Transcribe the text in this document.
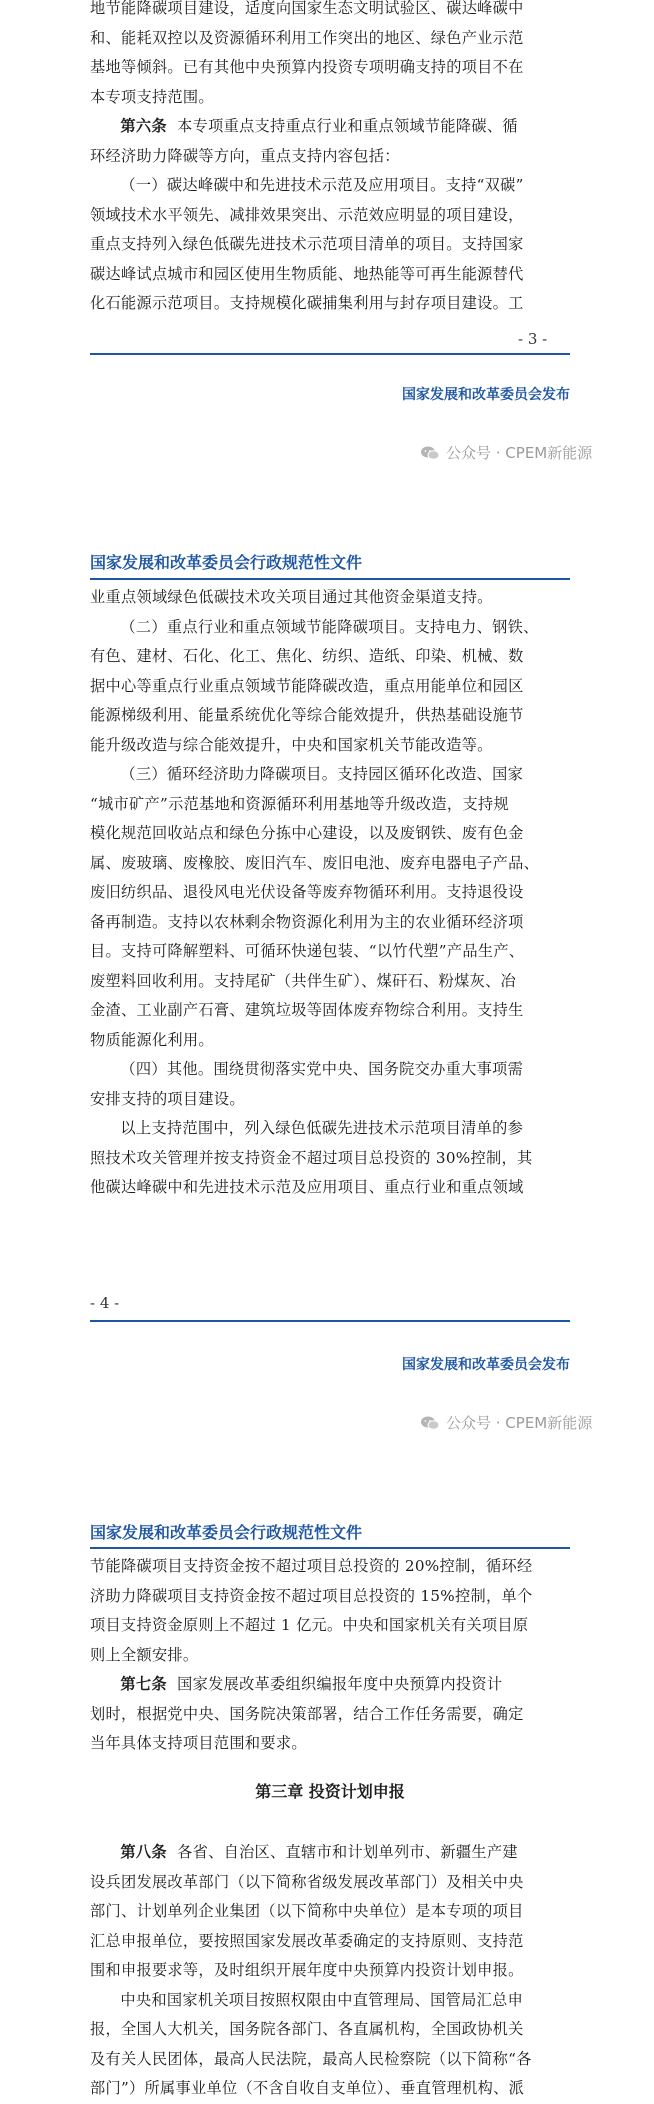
地节能降碳项目建设，适度向国家生态文明试验区、碳达峰碳中

和、能耗双控以及资源循环利用工作突出的地区、绿色产业示范

基地等倾斜。已有其他中央预算内投资专项明确支持的项目不在

本专项支持范围。

第六条 本专项重点支持重点行业和重点领域节能降碳、循

环经济助力降碳等方向，重点支持内容包括：

（一）碳达峰碳中和先进技术示范及应用项目。支持“双碳”

领域技术水平领先、减排效果突出、示范效应明显的项目建设，

重点支持列入绿色低碳先进技术示范项目清单的项目。支持国家

碳达峰试点城市和园区使用生物质能、地热能等可再生能源替代

化石能源示范项目。支持规模化碳捕集利用与封存项目建设。工

- 3 -
国家发展和改革委员会发布
公众号 · CPEM新能源
国家发展和改革委员会行政规范性文件

业重点领域绿色低碳技术攻关项目通过其他资金渠道支持。

（二）重点行业和重点领域节能降碳项目。支持电力、钢铁、

有色、建材、石化、化工、焦化、纺织、造纸、印染、机械、数

据中心等重点行业重点领域节能降碳改造，重点用能单位和园区

能源梯级利用、能量系统优化等综合能效提升，供热基础设施节

能升级改造与综合能效提升，中央和国家机关节能改造等。

（三）循环经济助力降碳项目。支持园区循环化改造、国家

“城市矿产”示范基地和资源循环利用基地等升级改造，支持规

模化规范回收站点和绿色分拣中心建设，以及废钢铁、废有色金

属、废玻璃、废橡胶、废旧汽车、废旧电池、废弃电器电子产品、

废旧纺织品、退役风电光伏设备等废弃物循环利用。支持退役设

备再制造。支持以农林剩余物资源化利用为主的农业循环经济项

目。支持可降解塑料、可循环快递包装、“以竹代塑”产品生产、

废塑料回收利用。支持尾矿（共伴生矿）、煤矸石、粉煤灰、冶

金渣、工业副产石膏、建筑垃圾等固体废弃物综合利用。支持生

物质能源化利用。

（四）其他。围绕贯彻落实党中央、国务院交办重大事项需

安排支持的项目建设。

以上支持范围中，列入绿色低碳先进技术示范项目清单的参

照技术攻关管理并按支持资金不超过项目总投资的 30%控制，其

他碳达峰碳中和先进技术示范及应用项目、重点行业和重点领域

- 4 -
国家发展和改革委员会发布
公众号 · CPEM新能源
国家发展和改革委员会行政规范性文件

节能降碳项目支持资金按不超过项目总投资的 20%控制，循环经

济助力降碳项目支持资金按不超过项目总投资的 15%控制，单个

项目支持资金原则上不超过 1 亿元。中央和国家机关有关项目原

则上全额安排。

第七条 国家发展改革委组织编报年度中央预算内投资计

划时，根据党中央、国务院决策部署，结合工作任务需要，确定

当年具体支持项目范围和要求。

第三章 投资计划申报

第八条 各省、自治区、直辖市和计划单列市、新疆生产建

设兵团发展改革部门（以下简称省级发展改革部门）及相关中央

部门、计划单列企业集团（以下简称中央单位）是本专项的项目

汇总申报单位，要按照国家发展改革委确定的支持原则、支持范

围和申报要求等，及时组织开展年度中央预算内投资计划申报。

中央和国家机关项目按照权限由中直管理局、国管局汇总申

报，全国人大机关，国务院各部门、各直属机构，全国政协机关

及有关人民团体，最高人民法院，最高人民检察院（以下简称“各

部门”）所属事业单位（不含自收自支单位）、垂直管理机构、派
